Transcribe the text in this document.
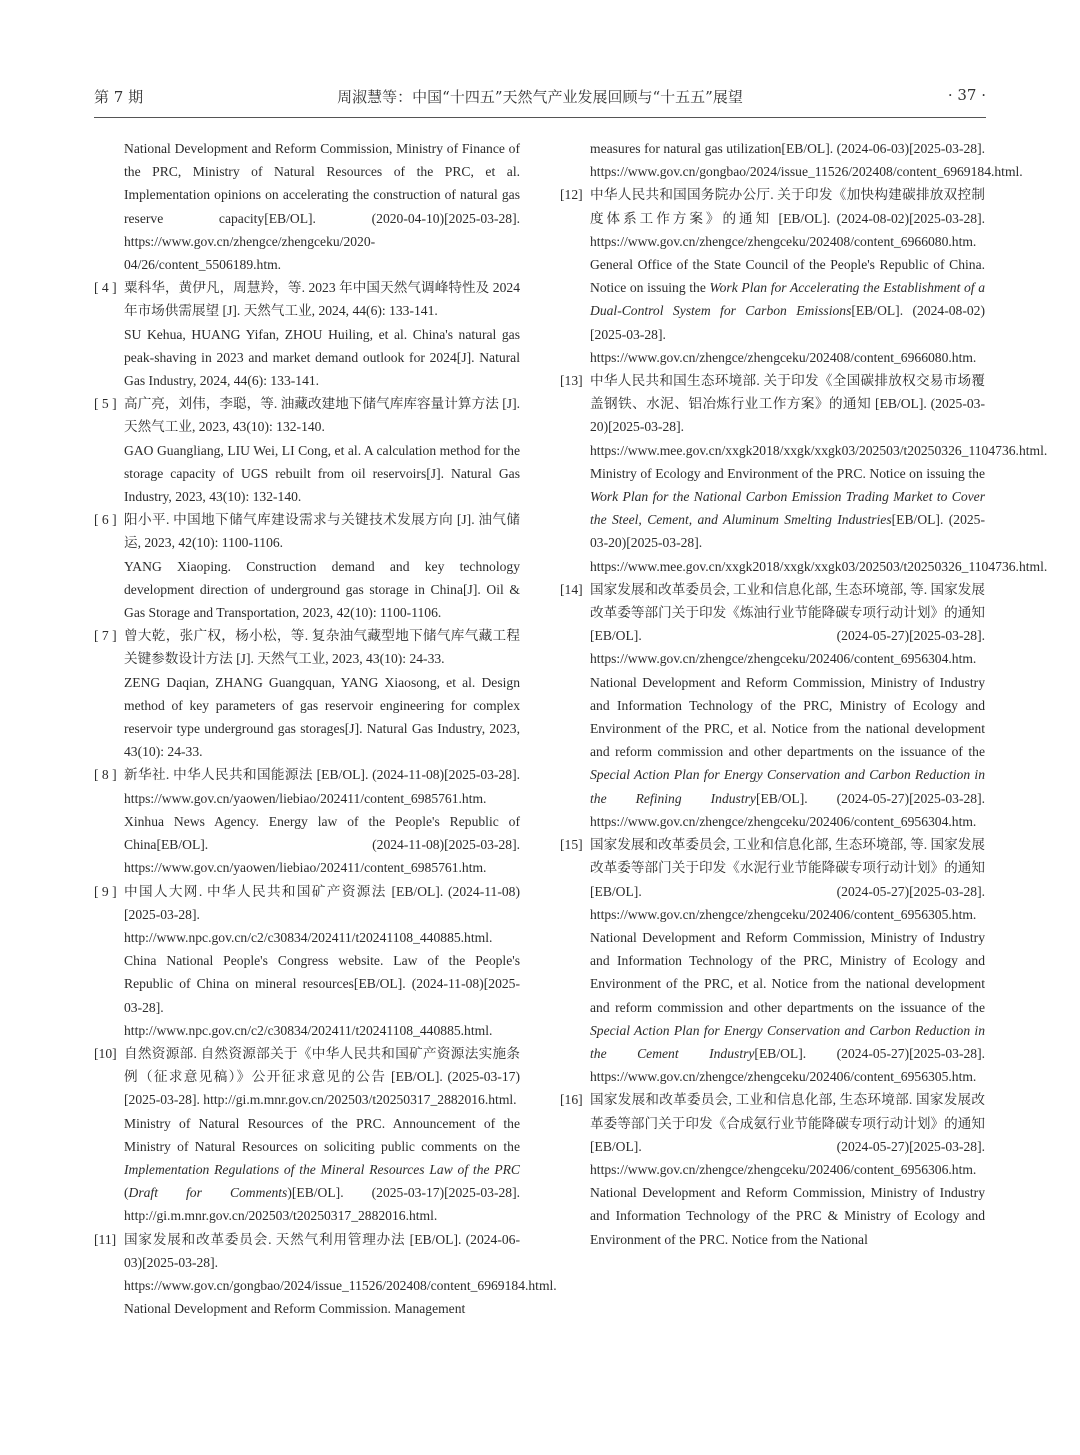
第 7 期	周淑慧等：中国“十四五”天然气产业发展回顾与“十五五”展望	· 37 ·

National Development and Reform Commission, Ministry of Finance of the PRC, Ministry of Natural Resources of the PRC, et al. Implementation opinions on accelerating the construction of natural gas reserve capacity[EB/OL]. (2020-04-10)[2025-03-28]. https://www.gov.cn/zhengce/zhengceku/2020-04/26/content_5506189.htm.

[ 4 ] 粟科华，黄伊凡，周慧羚，等. 2023 年中国天然气调峰特性及 2024 年市场供需展望 [J]. 天然气工业, 2024, 44(6): 133-141.

SU Kehua, HUANG Yifan, ZHOU Huiling, et al. China's natural gas peak-shaving in 2023 and market demand outlook for 2024[J]. Natural Gas Industry, 2024, 44(6): 133-141.

[ 5 ] 高广亮，刘伟，李聪，等. 油藏改建地下储气库库容量计算方法 [J]. 天然气工业, 2023, 43(10): 132-140.

GAO Guangliang, LIU Wei, LI Cong, et al. A calculation method for the storage capacity of UGS rebuilt from oil reservoirs[J]. Natural Gas Industry, 2023, 43(10): 132-140.

[ 6 ] 阳小平. 中国地下储气库建设需求与关键技术发展方向 [J]. 油气储运, 2023, 42(10): 1100-1106.

YANG Xiaoping. Construction demand and key technology development direction of underground gas storage in China[J]. Oil & Gas Storage and Transportation, 2023, 42(10): 1100-1106.

[ 7 ] 曾大乾，张广权，杨小松，等. 复杂油气藏型地下储气库气藏工程关键参数设计方法 [J]. 天然气工业, 2023, 43(10): 24-33.

ZENG Daqian, ZHANG Guangquan, YANG Xiaosong, et al. Design method of key parameters of gas reservoir engineering for complex reservoir type underground gas storages[J]. Natural Gas Industry, 2023, 43(10): 24-33.

[ 8 ] 新华社. 中华人民共和国能源法 [EB/OL]. (2024-11-08)[2025-03-28]. https://www.gov.cn/yaowen/liebiao/202411/content_6985761.htm.

Xinhua News Agency. Energy law of the People's Republic of China[EB/OL]. (2024-11-08)[2025-03-28]. https://www.gov.cn/yaowen/liebiao/202411/content_6985761.htm.

[ 9 ] 中国人大网. 中华人民共和国矿产资源法 [EB/OL]. (2024-11-08)[2025-03-28]. http://www.npc.gov.cn/c2/c30834/202411/t20241108_440885.html.

China National People's Congress website. Law of the People's Republic of China on mineral resources[EB/OL]. (2024-11-08)[2025-03-28]. http://www.npc.gov.cn/c2/c30834/202411/t20241108_440885.html.

[10] 自然资源部. 自然资源部关于《中华人民共和国矿产资源法实施条例（征求意见稿）》公开征求意见的公告 [EB/OL]. (2025-03-17)[2025-03-28]. http://gi.m.mnr.gov.cn/202503/t20250317_2882016.html.

Ministry of Natural Resources of the PRC. Announcement of the Ministry of Natural Resources on soliciting public comments on the Implementation Regulations of the Mineral Resources Law of the PRC (Draft for Comments)[EB/OL]. (2025-03-17)[2025-03-28]. http://gi.m.mnr.gov.cn/202503/t20250317_2882016.html.

[11] 国家发展和改革委员会. 天然气利用管理办法 [EB/OL]. (2024-06-03)[2025-03-28]. https://www.gov.cn/gongbao/2024/issue_11526/202408/content_6969184.html.

National Development and Reform Commission. Management

measures for natural gas utilization[EB/OL]. (2024-06-03)[2025-03-28]. https://www.gov.cn/gongbao/2024/issue_11526/202408/content_6969184.html.

[12] 中华人民共和国国务院办公厅. 关于印发《加快构建碳排放双控制度体系工作方案》的通知 [EB/OL]. (2024-08-02)[2025-03-28]. https://www.gov.cn/zhengce/zhengceku/202408/content_6966080.htm.

General Office of the State Council of the People's Republic of China. Notice on issuing the Work Plan for Accelerating the Establishment of a Dual-Control System for Carbon Emissions[EB/OL]. (2024-08-02)[2025-03-28]. https://www.gov.cn/zhengce/zhengceku/202408/content_6966080.htm.

[13] 中华人民共和国生态环境部. 关于印发《全国碳排放权交易市场覆盖钢铁、水泥、铝冶炼行业工作方案》的通知 [EB/OL]. (2025-03-20)[2025-03-28]. https://www.mee.gov.cn/xxgk2018/xxgk/xxgk03/202503/t20250326_1104736.html.

Ministry of Ecology and Environment of the PRC. Notice on issuing the Work Plan for the National Carbon Emission Trading Market to Cover the Steel, Cement, and Aluminum Smelting Industries[EB/OL]. (2025-03-20)[2025-03-28]. https://www.mee.gov.cn/xxgk2018/xxgk/xxgk03/202503/t20250326_1104736.html.

[14] 国家发展和改革委员会, 工业和信息化部, 生态环境部, 等. 国家发展改革委等部门关于印发《炼油行业节能降碳专项行动计划》的通知 [EB/OL]. (2024-05-27)[2025-03-28]. https://www.gov.cn/zhengce/zhengceku/202406/content_6956304.htm.

National Development and Reform Commission, Ministry of Industry and Information Technology of the PRC, Ministry of Ecology and Environment of the PRC, et al. Notice from the national development and reform commission and other departments on the issuance of the Special Action Plan for Energy Conservation and Carbon Reduction in the Refining Industry[EB/OL]. (2024-05-27)[2025-03-28]. https://www.gov.cn/zhengce/zhengceku/202406/content_6956304.htm.

[15] 国家发展和改革委员会, 工业和信息化部, 生态环境部, 等. 国家发展改革委等部门关于印发《水泥行业节能降碳专项行动计划》的通知 [EB/OL]. (2024-05-27)[2025-03-28]. https://www.gov.cn/zhengce/zhengceku/202406/content_6956305.htm.

National Development and Reform Commission, Ministry of Industry and Information Technology of the PRC, Ministry of Ecology and Environment of the PRC, et al. Notice from the national development and reform commission and other departments on the issuance of the Special Action Plan for Energy Conservation and Carbon Reduction in the Cement Industry[EB/OL]. (2024-05-27)[2025-03-28]. https://www.gov.cn/zhengce/zhengceku/202406/content_6956305.htm.

[16] 国家发展和改革委员会, 工业和信息化部, 生态环境部. 国家发展改革委等部门关于印发《合成氨行业节能降碳专项行动计划》的通知 [EB/OL]. (2024-05-27)[2025-03-28]. https://www.gov.cn/zhengce/zhengceku/202406/content_6956306.htm.

National Development and Reform Commission, Ministry of Industry and Information Technology of the PRC & Ministry of Ecology and Environment of the PRC. Notice from the National
